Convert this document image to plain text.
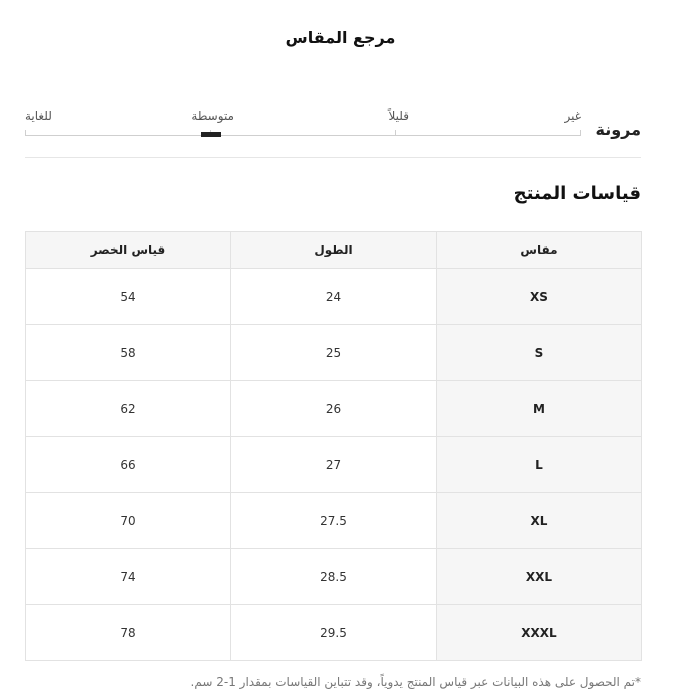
مرجع المقاس
مرونة
غير
قليلاً
متوسطة
للغاية
قياسات المنتج
مقاس	الطول	قياس الخصر
XS	24	54
S	25	58
M	26	62
L	27	66
XL	27.5	70
XXL	28.5	74
XXXL	29.5	78
*تم الحصول على هذه البيانات عبر قياس المنتج يدوياً، وقد تتباين القياسات بمقدار 1-2 سم.
